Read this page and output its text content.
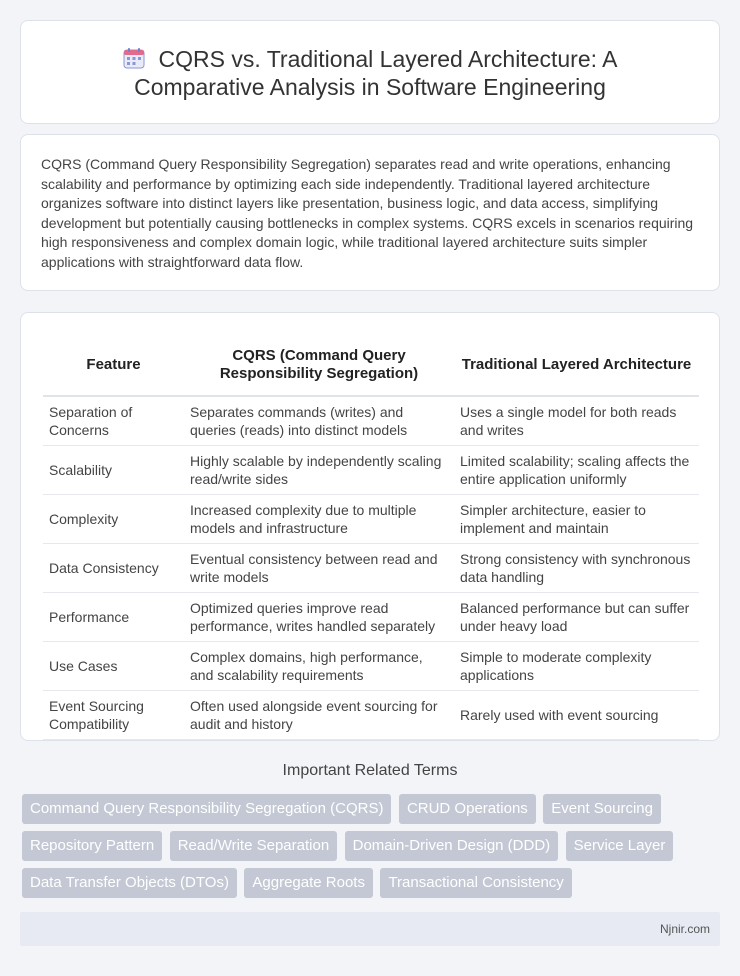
CQRS vs. Traditional Layered Architecture: A Comparative Analysis in Software Engineering

CQRS (Command Query Responsibility Segregation) separates read and write operations, enhancing scalability and performance by optimizing each side independently. Traditional layered architecture organizes software into distinct layers like presentation, business logic, and data access, simplifying development but potentially causing bottlenecks in complex systems. CQRS excels in scenarios requiring high responsiveness and complex domain logic, while traditional layered architecture suits simpler applications with straightforward data flow.

Feature	CQRS (Command Query Responsibility Segregation)	Traditional Layered Architecture
Separation of Concerns	Separates commands (writes) and queries (reads) into distinct models	Uses a single model for both reads and writes
Scalability	Highly scalable by independently scaling read/write sides	Limited scalability; scaling affects the entire application uniformly
Complexity	Increased complexity due to multiple models and infrastructure	Simpler architecture, easier to implement and maintain
Data Consistency	Eventual consistency between read and write models	Strong consistency with synchronous data handling
Performance	Optimized queries improve read performance, writes handled separately	Balanced performance but can suffer under heavy load
Use Cases	Complex domains, high performance, and scalability requirements	Simple to moderate complexity applications
Event Sourcing Compatibility	Often used alongside event sourcing for audit and history	Rarely used with event sourcing
Important Related Terms
Command Query Responsibility Segregation (CQRS) CRUD Operations Event Sourcing Repository Pattern Read/Write Separation Domain-Driven Design (DDD) Service Layer Data Transfer Objects (DTOs) Aggregate Roots Transactional Consistency
Njnir.com
